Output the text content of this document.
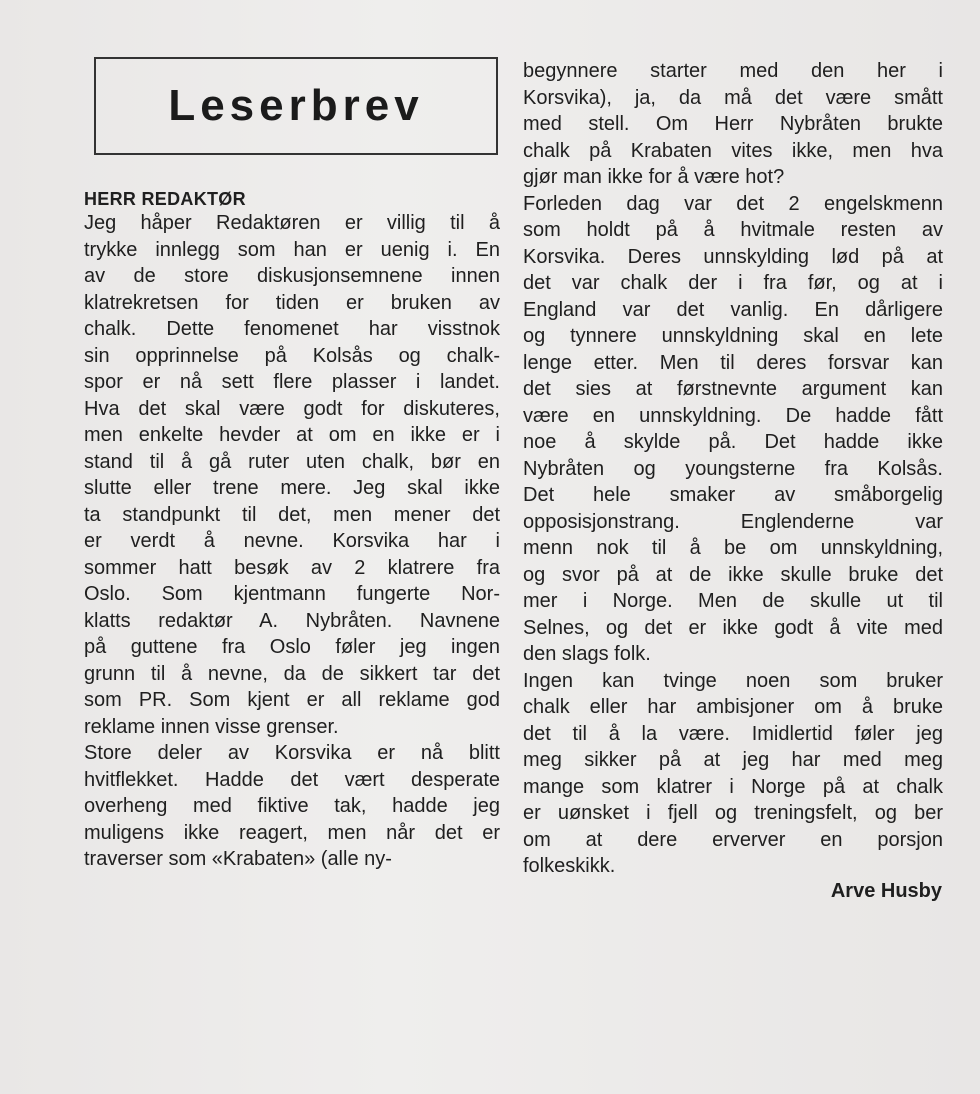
Leserbrev

HERR REDAKTØR

Jeg håper Redaktøren er villig til å
trykke innlegg som han er uenig i. En
av de store diskusjonsemnene innen
klatrekretsen for tiden er bruken av
chalk. Dette fenomenet har visstnok
sin opprinnelse på Kolsås og chalk-
spor er nå sett flere plasser i landet.
Hva det skal være godt for diskuteres,
men enkelte hevder at om en ikke er i
stand til å gå ruter uten chalk, bør en
slutte eller trene mere. Jeg skal ikke
ta standpunkt til det, men mener det
er verdt å nevne. Korsvika har i
sommer hatt besøk av 2 klatrere fra
Oslo. Som kjentmann fungerte Nor-
klatts redaktør A. Nybråten. Navnene
på guttene fra Oslo føler jeg ingen
grunn til å nevne, da de sikkert tar det
som PR. Som kjent er all reklame god
reklame innen visse grenser.
Store deler av Korsvika er nå blitt
hvitflekket. Hadde det vært desperate
overheng med fiktive tak, hadde jeg
muligens ikke reagert, men når det er
traverser som «Krabaten» (alle ny-
begynnere starter med den her i
Korsvika), ja, da må det være smått
med stell. Om Herr Nybråten brukte
chalk på Krabaten vites ikke, men hva
gjør man ikke for å være hot?
Forleden dag var det 2 engelskmenn
som holdt på å hvitmale resten av
Korsvika. Deres unnskylding lød på at
det var chalk der i fra før, og at i
England var det vanlig. En dårligere
og tynnere unnskyldning skal en lete
lenge etter. Men til deres forsvar kan
det sies at førstnevnte argument kan
være en unnskyldning. De hadde fått
noe å skylde på. Det hadde ikke
Nybråten og youngsterne fra Kolsås.
Det hele smaker av småborgelig
opposisjonstrang. Englenderne var
menn nok til å be om unnskyldning,
og svor på at de ikke skulle bruke det
mer i Norge. Men de skulle ut til
Selnes, og det er ikke godt å vite med
den slags folk.
Ingen kan tvinge noen som bruker
chalk eller har ambisjoner om å bruke
det til å la være. Imidlertid føler jeg
meg sikker på at jeg har med meg
mange som klatrer i Norge på at chalk
er uønsket i fjell og treningsfelt, og ber
om at dere erverver en porsjon
folkeskikk.
Arve Husby
